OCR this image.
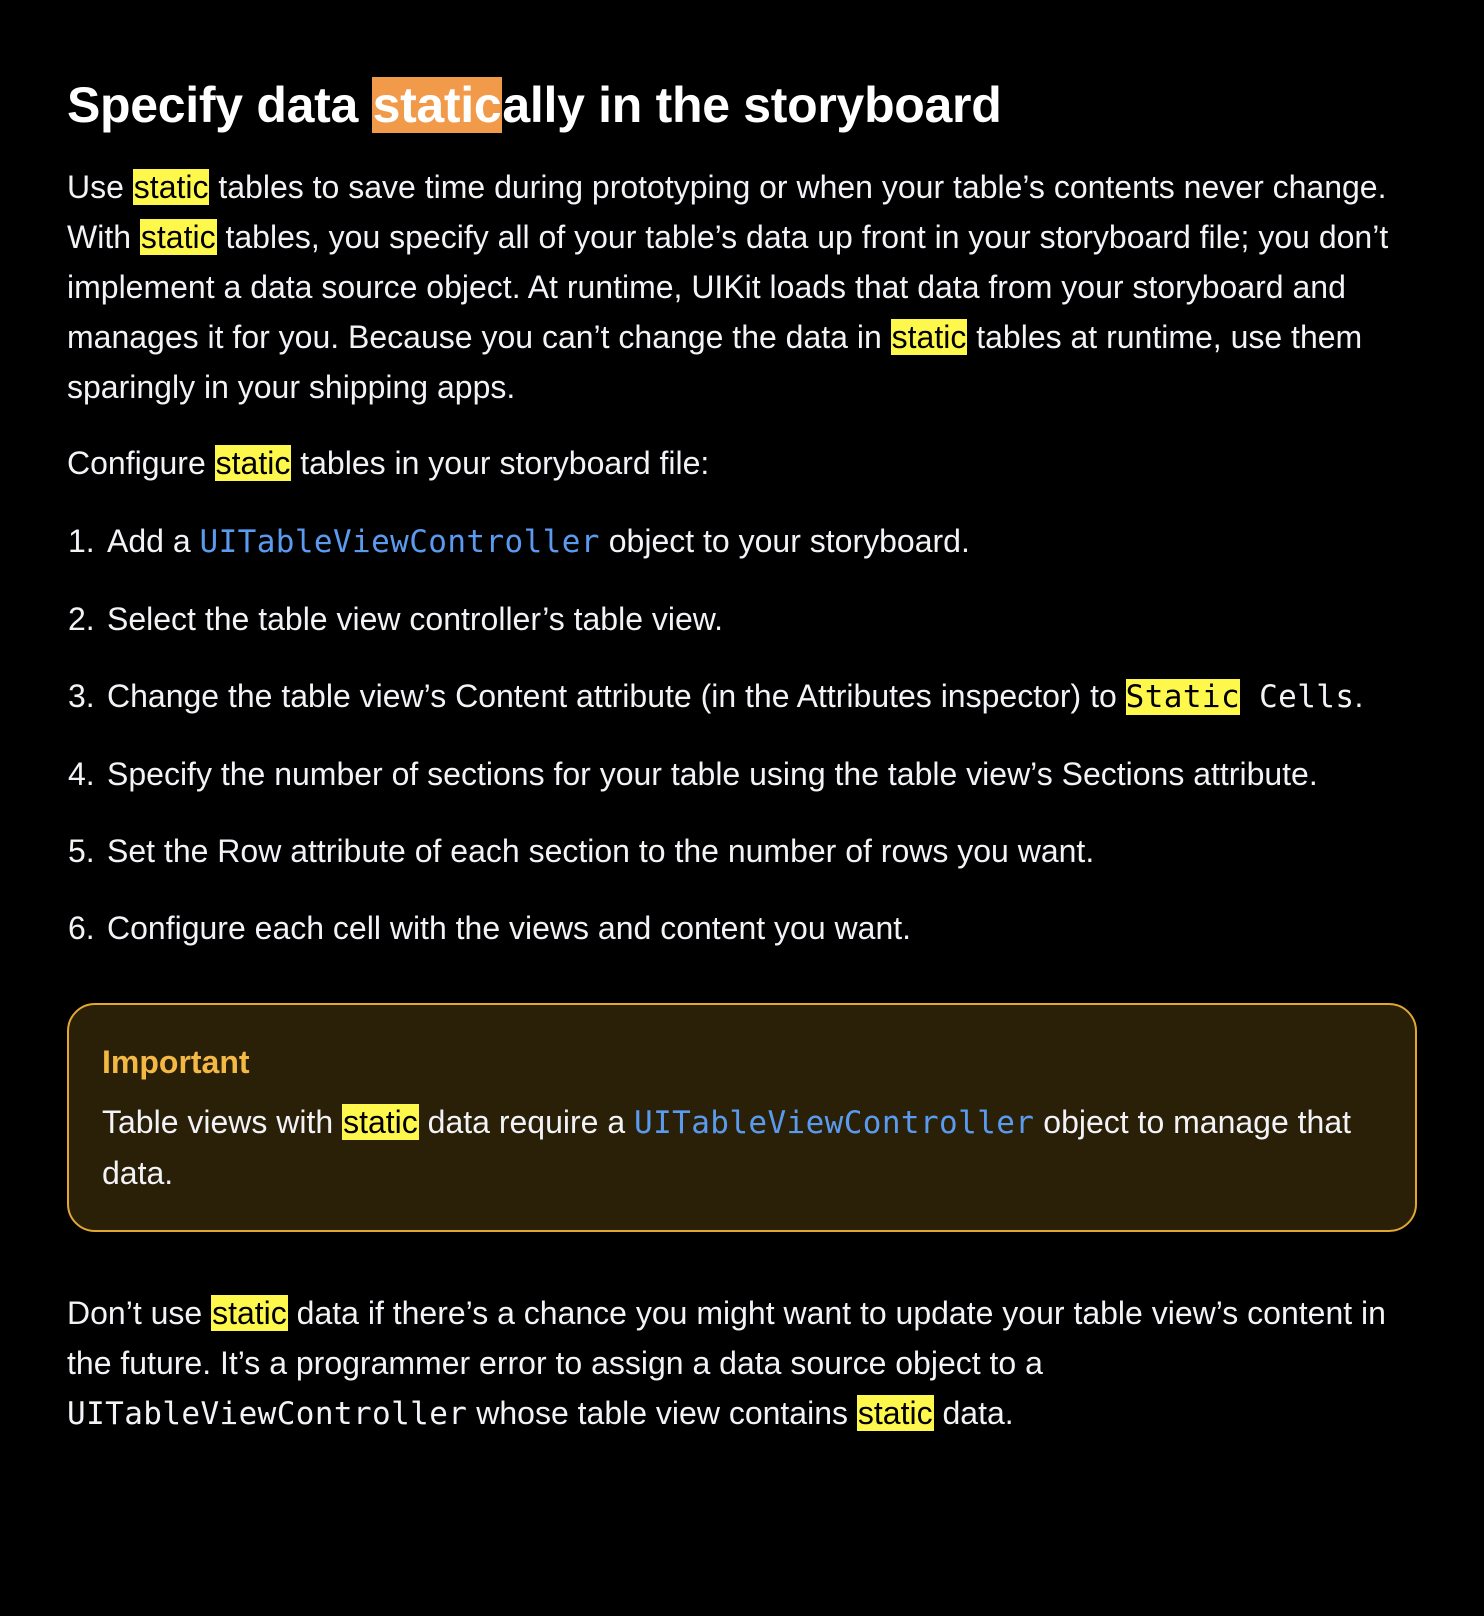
Specify data statically in the storyboard

Use static tables to save time during prototyping or when your table’s contents never change. With static tables, you specify all of your table’s data up front in your storyboard file; you don’t implement a data source object. At runtime, UIKit loads that data from your storyboard and manages it for you. Because you can’t change the data in static tables at runtime, use them sparingly in your shipping apps.

Configure static tables in your storyboard file:

1. Add a UITableViewController object to your storyboard.
2. Select the table view controller’s table view.
3. Change the table view’s Content attribute (in the Attributes inspector) to Static Cells.
4. Specify the number of sections for your table using the table view’s Sections attribute.
5. Set the Row attribute of each section to the number of rows you want.
6. Configure each cell with the views and content you want.

Important

Table views with static data require a UITableViewController object to manage that data.

Don’t use static data if there’s a chance you might want to update your table view’s content in the future. It’s a programmer error to assign a data source object to a UITableViewController whose table view contains static data.
